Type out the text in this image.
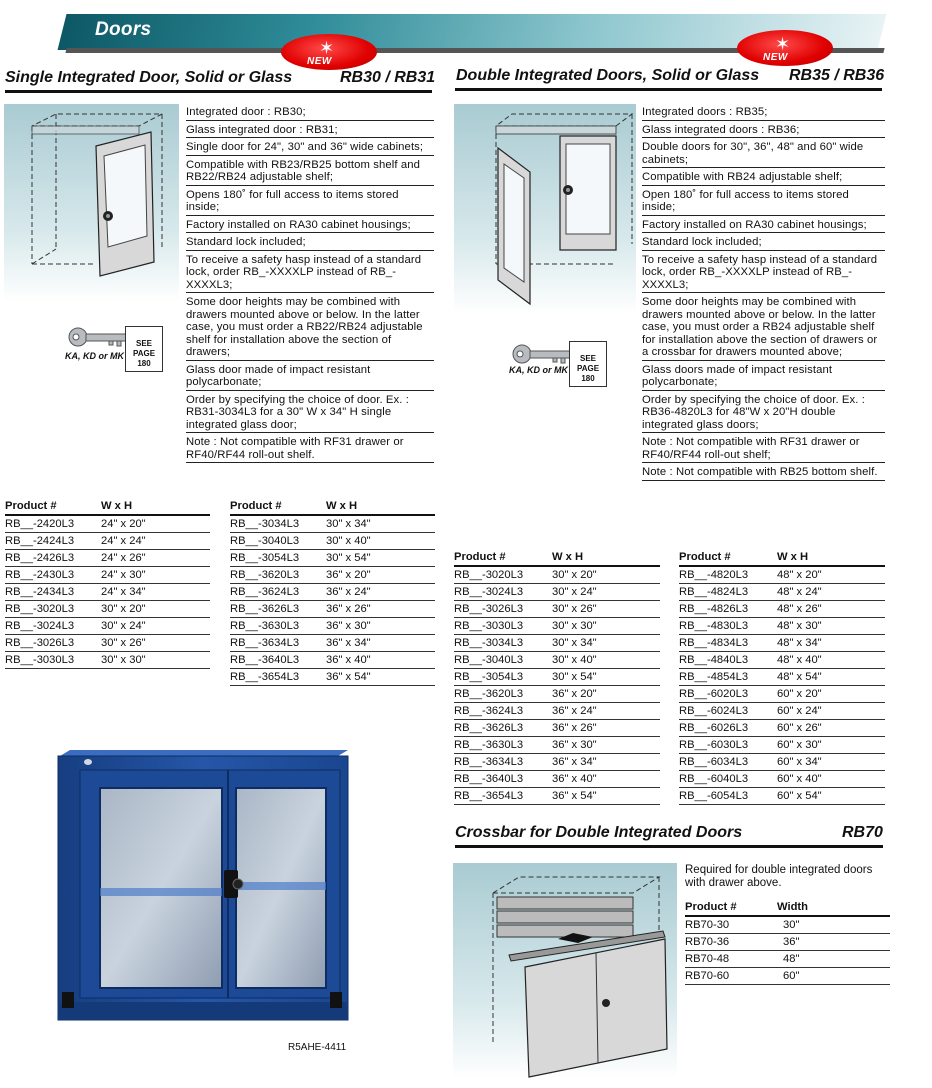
Doors
✶
NEW
✶
NEW
Single Integrated Door, Solid or Glass	RB30 / RB31
KA, KD or MK
SEE PAGE
180
Integrated door : RB30;
Glass integrated door : RB31;
Single door for 24", 30" and 36" wide cabinets;
Compatible with RB23/RB25 bottom shelf and RB22/RB24 adjustable shelf;
Opens 180˚ for full access to items stored inside;
Factory installed on RA30 cabinet housings;
Standard lock included;
To receive a safety hasp instead of a standard lock, order RB_-XXXXLP instead of RB_-XXXXL3;
Some door heights may be combined with drawers mounted above or below. In the latter case, you must order a RB22/RB24 adjustable shelf for installation above the section of drawers;
Glass door made of impact resistant polycarbonate;
Order by specifying the choice of door. Ex. : RB31-3034L3 for a 30" W x 34" H single integrated glass door;
Note : Not compatible with RF31 drawer or RF40/RF44 roll-out shelf.
Product #	W x H
RB__-2420L3	24" x 20"
RB__-2424L3	24" x 24"
RB__-2426L3	24" x 26"
RB__-2430L3	24" x 30"
RB__-2434L3	24" x 34"
RB__-3020L3	30" x 20"
RB__-3024L3	30" x 24"
RB__-3026L3	30" x 26"
RB__-3030L3	30" x 30"
Product #	W x H
RB__-3034L3	30" x 34"
RB__-3040L3	30" x 40"
RB__-3054L3	30" x 54"
RB__-3620L3	36" x 20"
RB__-3624L3	36" x 24"
RB__-3626L3	36" x 26"
RB__-3630L3	36" x 30"
RB__-3634L3	36" x 34"
RB__-3640L3	36" x 40"
RB__-3654L3	36" x 54"
R5AHE-4411
Double Integrated Doors, Solid or Glass RB35 / RB36
KA, KD or MK
SEE PAGE
180
Integrated doors : RB35;
Glass integrated doors : RB36;
Double doors for 30", 36", 48" and 60" wide cabinets;
Compatible with RB24 adjustable shelf;
Open 180˚ for full access to items stored inside;
Factory installed on RA30 cabinet housings;
Standard lock included;
To receive a safety hasp instead of a standard lock, order RB_-XXXXLP instead of RB_-XXXXL3;
Some door heights may be combined with drawers mounted above or below. In the latter case, you must order a RB24 adjustable shelf for installation above the section of drawers or a crossbar for drawers mounted above;
Glass doors made of impact resistant polycarbonate;
Order by specifying the choice of door. Ex. : RB36-4820L3 for 48"W x 20"H double integrated glass doors;
Note : Not compatible with RF31 drawer or RF40/RF44 roll-out shelf;
Note : Not compatible with RB25 bottom shelf.
Product #	W x H
RB__-3020L3	30" x 20"
RB__-3024L3	30" x 24"
RB__-3026L3	30" x 26"
RB__-3030L3	30" x 30"
RB__-3034L3	30" x 34"
RB__-3040L3	30" x 40"
RB__-3054L3	30" x 54"
RB__-3620L3	36" x 20"
RB__-3624L3	36" x 24"
RB__-3626L3	36" x 26"
RB__-3630L3	36" x 30"
RB__-3634L3	36" x 34"
RB__-3640L3	36" x 40"
RB__-3654L3	36" x 54"
Product #	W x H
RB__-4820L3	48" x 20"
RB__-4824L3	48" x 24"
RB__-4826L3	48" x 26"
RB__-4830L3	48" x 30"
RB__-4834L3	48" x 34"
RB__-4840L3	48" x 40"
RB__-4854L3	48" x 54"
RB__-6020L3	60" x 20"
RB__-6024L3	60" x 24"
RB__-6026L3	60" x 26"
RB__-6030L3	60" x 30"
RB__-6034L3	60" x 34"
RB__-6040L3	60" x 40"
RB__-6054L3	60" x 54"
Crossbar for Double Integrated Doors	RB70
Required for double integrated doors with drawer above.
Product #	Width
RB70-30	30"
RB70-36	36"
RB70-48	48"
RB70-60	60"
